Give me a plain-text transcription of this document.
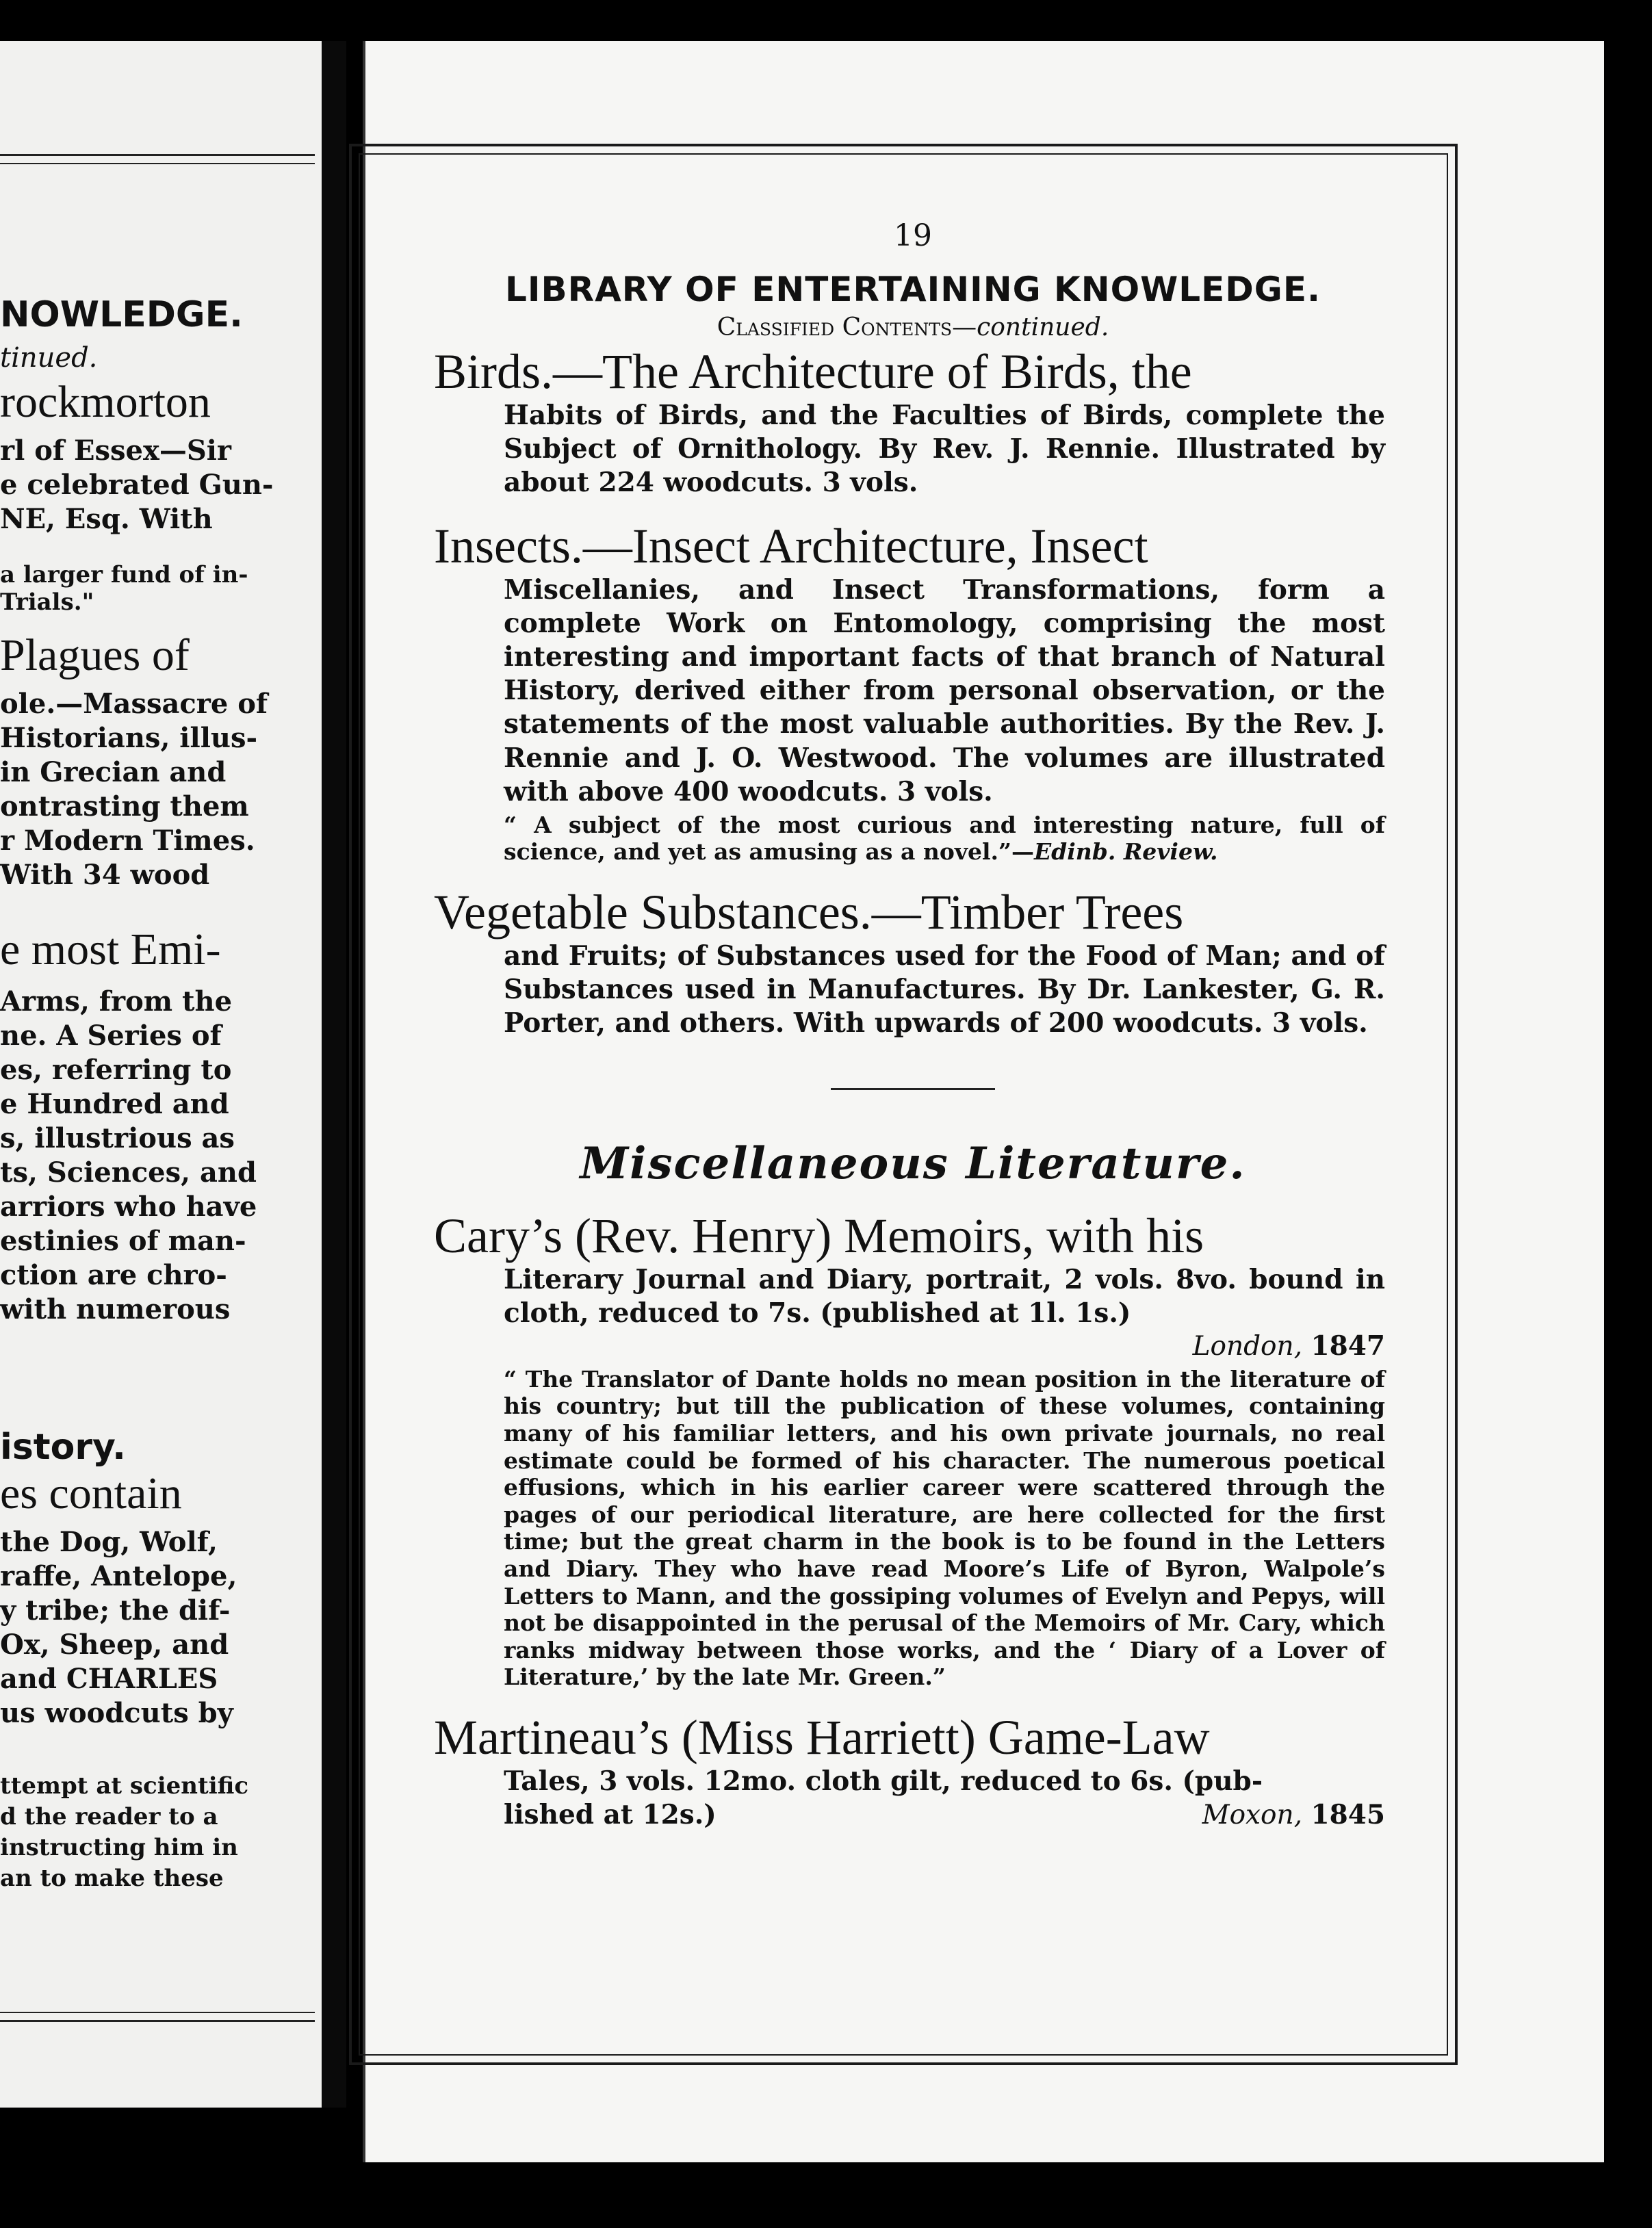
NOWLEDGE.
tinued.
rockmorton
rl of Essex—Sir
e celebrated Gun-
NE, Esq. With
a larger fund of in-
Trials."
Plagues of
ole.—Massacre of
Historians, illus-
in Grecian and
ontrasting them
r Modern Times.
With 34 wood
e most Emi-
Arms, from the
ne. A Series of
es, referring to
e Hundred and
s, illustrious as
ts, Sciences, and
arriors who have
estinies of man-
ction are chro-
with numerous
istory.
es contain
the Dog, Wolf,
raffe, Antelope,
y tribe; the dif-
Ox, Sheep, and
and CHARLES
us woodcuts by
ttempt at scientific
d the reader to a
instructing him in
an to make these
19
LIBRARY OF ENTERTAINING KNOWLEDGE.
Classified Contents—continued.
Birds.—The Architecture of Birds, the
Habits of Birds, and the Faculties of Birds, complete the Subject of Ornithology. By Rev. J. Rennie. Illustrated by about 224 woodcuts. 3 vols.
Insects.—Insect Architecture, Insect
Miscellanies, and Insect Transformations, form a complete Work on Entomology, comprising the most interesting and important facts of that branch of Natural History, derived either from personal observation, or the statements of the most valuable authorities. By the Rev. J. Rennie and J. O. Westwood. The volumes are illustrated with above 400 woodcuts. 3 vols.
“ A subject of the most curious and interesting nature, full of science, and yet as amusing as a novel.”—Edinb. Review.
Vegetable Substances.—Timber Trees
and Fruits; of Substances used for the Food of Man; and of Substances used in Manufactures. By Dr. Lankester, G. R. Porter, and others. With upwards of 200 woodcuts. 3 vols.
Miscellaneous Literature.
Cary’s (Rev. Henry) Memoirs, with his
Literary Journal and Diary, portrait, 2 vols. 8vo. bound in cloth, reduced to 7s. (published at 1l. 1s.)
London, 1847
“ The Translator of Dante holds no mean position in the literature of his country; but till the publication of these volumes, containing many of his familiar letters, and his own private journals, no real estimate could be formed of his character. The numerous poetical effusions, which in his earlier career were scattered through the pages of our periodical literature, are here collected for the first time; but the great charm in the book is to be found in the Letters and Diary. They who have read Moore’s Life of Byron, Walpole’s Letters to Mann, and the gossiping volumes of Evelyn and Pepys, will not be disappointed in the perusal of the Memoirs of Mr. Cary, which ranks midway between those works, and the ‘ Diary of a Lover of Literature,’ by the late Mr. Green.”
Martineau’s (Miss Harriett) Game-Law
Tales, 3 vols. 12mo. cloth gilt, reduced to 6s. (pub-
lished at 12s.)	Moxon, 1845
